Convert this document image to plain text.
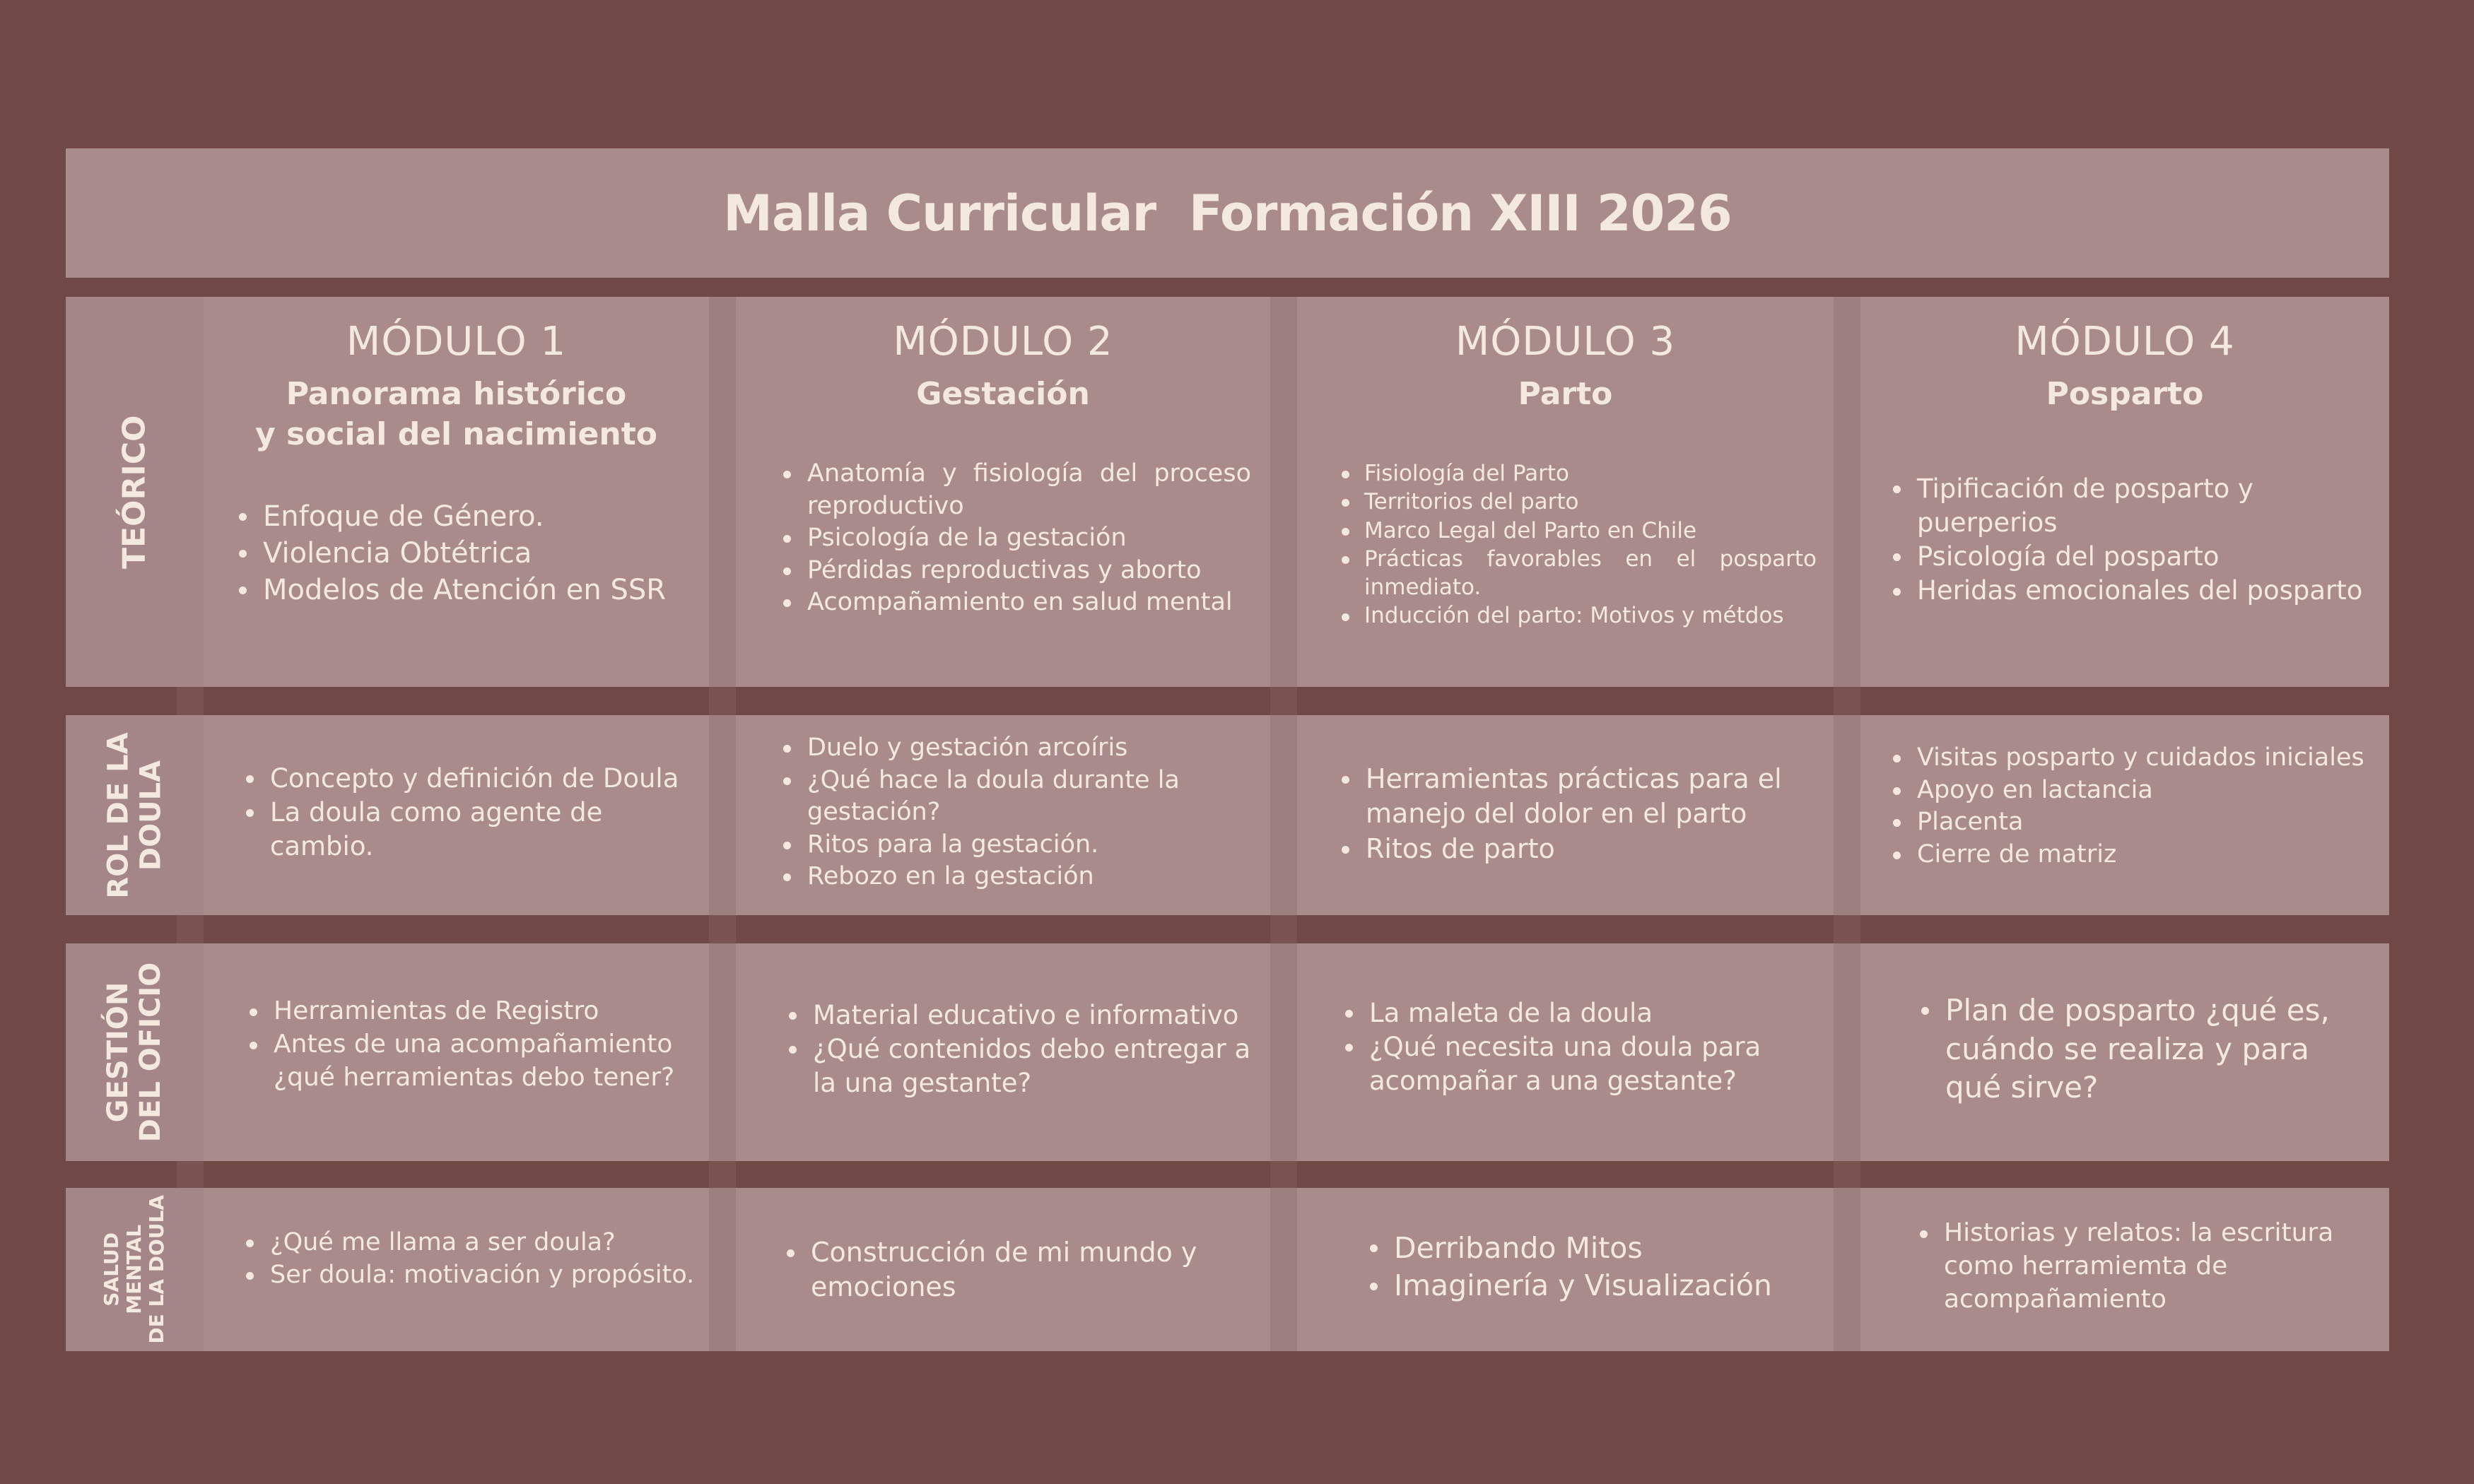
Malla Curricular  Formación XIII 2026
TEÓRICO
ROL DE LA DOULA
GESTIÓN DEL OFICIO
SALUD MENTAL DE LA DOULA
MÓDULO 1
Panorama histórico
y social del nacimiento
Enfoque de Género.
Violencia Obtétrica
Modelos de Atención en SSR
MÓDULO 2
Gestación
Anatomía y fisiología del proceso reproductivo
Psicología de la gestación
Pérdidas reproductivas y aborto
Acompañamiento en salud mental
MÓDULO 3
Parto
Fisiología del Parto
Territorios del parto
Marco Legal del Parto en Chile
Prácticas favorables en el posparto inmediato.
Inducción del parto: Motivos y métdos
MÓDULO 4
Posparto
Tipificación de posparto y puerperios
Psicología del posparto
Heridas emocionales del posparto
Concepto y definición de Doula
La doula como agente de cambio.
Duelo y gestación arcoíris
¿Qué hace la doula durante la gestación?
Ritos para la gestación.
Rebozo en la gestación
Herramientas prácticas para el manejo del dolor en el parto
Ritos de parto
Visitas posparto y cuidados iniciales
Apoyo en lactancia
Placenta
Cierre de matriz
Herramientas de Registro
Antes de una acompañamiento ¿qué herramientas debo tener?
Material educativo e informativo
¿Qué contenidos debo entregar a la una gestante?
La maleta de la doula
¿Qué necesita una doula para acompañar a una gestante?
Plan de posparto ¿qué es, cuándo se realiza y para qué sirve?
¿Qué me llama a ser doula?
Ser doula: motivación y propósito.
Construcción de mi mundo y emociones
Derribando Mitos
Imaginería y Visualización
Historias y relatos: la escritura como herramiemta de acompañamiento
